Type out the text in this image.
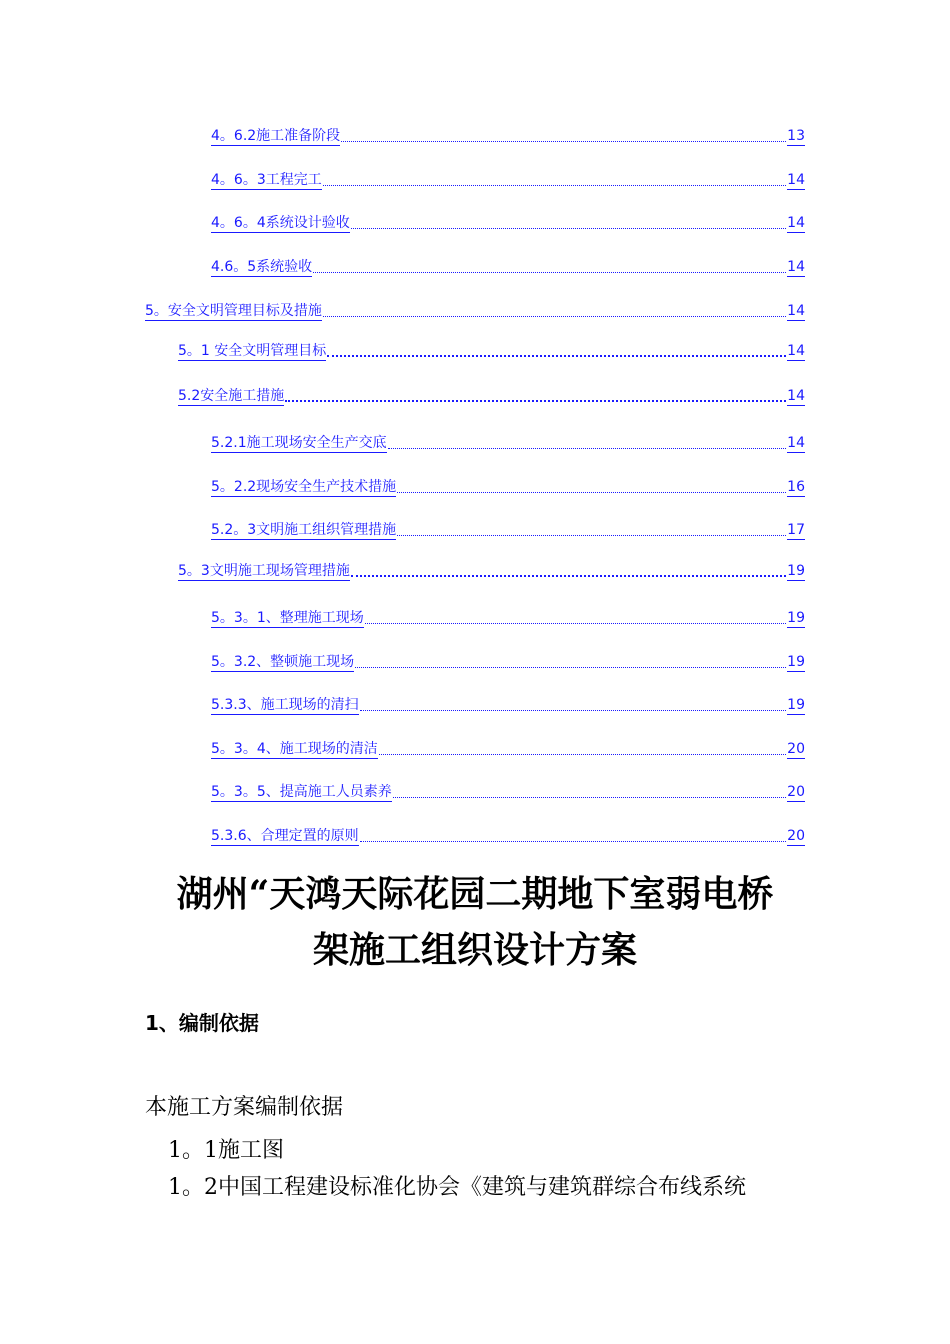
4。6.2施工准备阶段	13
4。6。3工程完工	14
4。6。4系统设计验收	14
4.6。5系统验收	14
5。安全文明管理目标及措施	14
5。1 安全文明管理目标	14
5.2安全施工措施	14
5.2.1施工现场安全生产交底	14
5。2.2现场安全生产技术措施	16
5.2。3文明施工组织管理措施	17
5。3文明施工现场管理措施	19
5。3。1、整理施工现场	19
5。3.2、整顿施工现场	19
5.3.3、施工现场的清扫	19
5。3。4、施工现场的清洁	20
5。3。5、提高施工人员素养	20
5.3.6、合理定置的原则	20
湖州“天鸿天际花园二期地下室弱电桥
架施工组织设计方案
1、编制依据

本施工方案编制依据

1。1施工图

1。2中国工程建设标准化协会《建筑与建筑群综合布线系统
